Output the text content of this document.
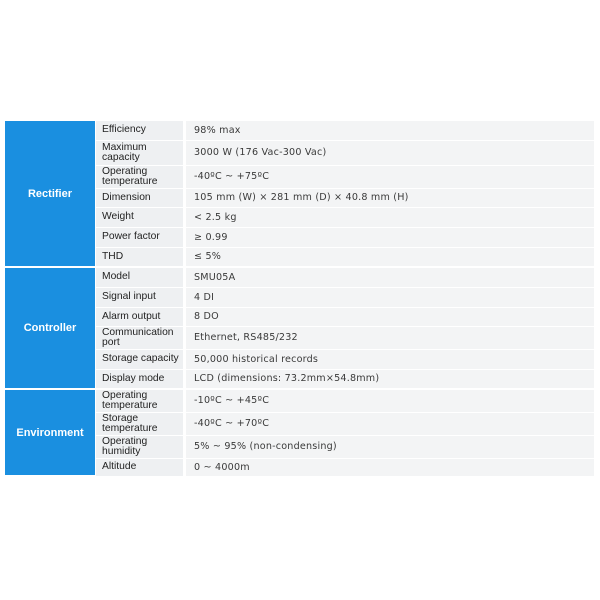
Rectifier	Efficiency	98% max
	Maximum capacity	3000 W (176 Vac-300 Vac)
	Operating temperature	-40ºC ~ +75ºC
	Dimension	105 mm (W) × 281 mm (D) × 40.8 mm (H)
	Weight	< 2.5 kg
	Power factor	≥ 0.99
	THD	≤ 5%
Controller	Model	SMU05A
	Signal input	4 DI
	Alarm output	8 DO
	Communication port	Ethernet, RS485/232
	Storage capacity	50,000 historical records
	Display mode	LCD (dimensions: 73.2mm×54.8mm)
Environment	Operating temperature	-10ºC ~ +45ºC
	Storage temperature	-40ºC ~ +70ºC
	Operating humidity	5% ~ 95% (non-condensing)
	Altitude	0 ~ 4000m
